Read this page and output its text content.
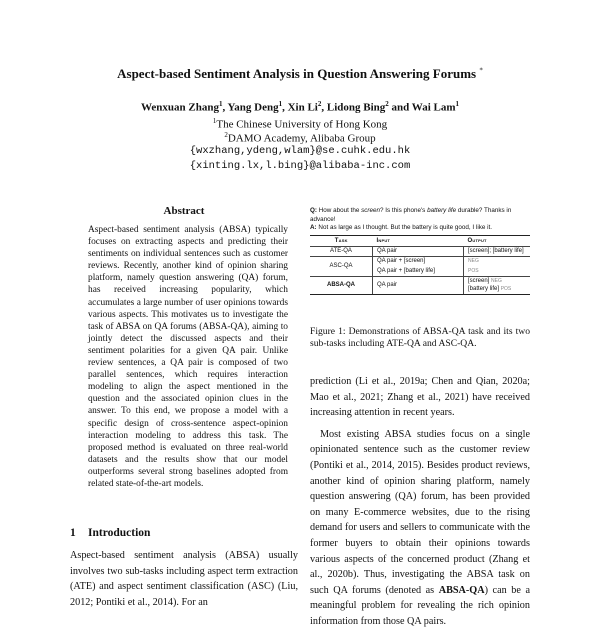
Aspect-based Sentiment Analysis in Question Answering Forums *
Wenxuan Zhang$^1$, Yang Deng$^1$, Xin Li$^2$, Lidong Bing$^2$ and Wai Lam$^1$
$^1$The Chinese University of Hong Kong
$^2$DAMO Academy, Alibaba Group
{wxzhang,ydeng,wlam}@se.cuhk.edu.hk
{xinting.lx,l.bing}@alibaba-inc.com
Abstract
Aspect-based sentiment analysis (ABSA) typically focuses on extracting aspects and predicting their sentiments on individual sentences such as customer reviews. Recently, another kind of opinion sharing platform, namely question answering (QA) forum, has received increasing popularity, which accumulates a large number of user opinions towards various aspects. This motivates us to investigate the task of ABSA on QA forums (ABSA-QA), aiming to jointly detect the discussed aspects and their sentiment polarities for a given QA pair. Unlike review sentences, a QA pair is composed of two parallel sentences, which requires interaction modeling to align the aspect mentioned in the question and the associated opinion clues in the answer. To this end, we propose a model with a specific design of cross-sentence aspect-opinion interaction modeling to address this task. The proposed method is evaluated on three real-world datasets and the results show that our model outperforms several strong baselines adopted from related state-of-the-art models.
1 Introduction
Aspect-based sentiment analysis (ABSA) usually involves two sub-tasks including aspect term extraction (ATE) and aspect sentiment classification (ASC) (Liu, 2012; Pontiki et al., 2014). For an
Q: How about the screen? Is this phone's battery life durable? Thanks in advance!
A: Not as large as I thought. But the battery is quite good, I like it.
Task	Input	Output
ATE-QA	QA pair	[screen]; [battery life]
ASC-QA	QA pair + [screen]	NEG
	QA pair + [battery life]	POS
ABSA-QA	QA pair	[screen] NEG
[battery life] POS
Figure 1: Demonstrations of ABSA-QA task and its two sub-tasks including ATE-QA and ASC-QA.

prediction (Li et al., 2019a; Chen and Qian, 2020a; Mao et al., 2021; Zhang et al., 2021) have received increasing attention in recent years.

Most existing ABSA studies focus on a single opinionated sentence such as the customer review (Pontiki et al., 2014, 2015). Besides product reviews, another kind of opinion sharing platform, namely question answering (QA) forum, has been provided on many E-commerce websites, due to the rising demand for users and sellers to communicate with the former buyers to obtain their opinions towards various aspects of the concerned product (Zhang et al., 2020b). Thus, investigating the ABSA task on such QA forums (denoted as ABSA-QA) can be a meaningful problem for revealing the rich opinion information from those QA pairs.
